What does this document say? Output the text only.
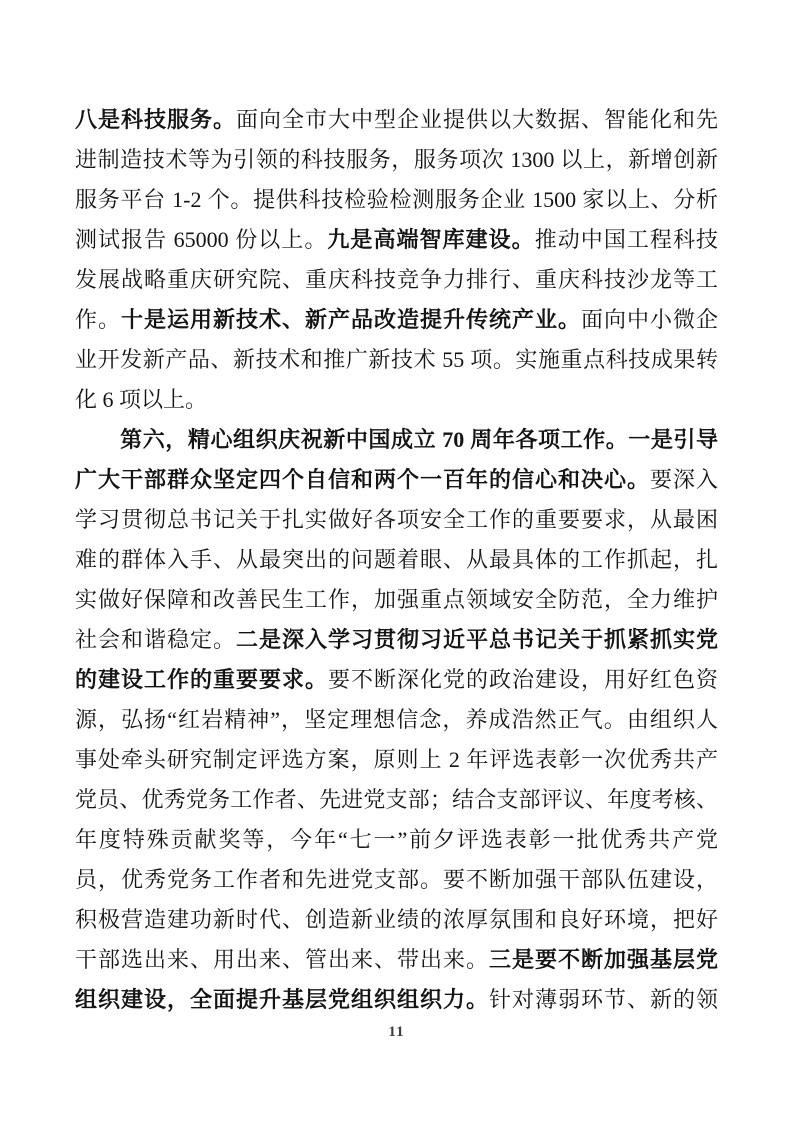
八是科技服务。面向全市大中型企业提供以大数据、智能化和先
进制造技术等为引领的科技服务，服务项次 1300 以上，新增创新
服务平台 1-2 个。提供科技检验检测服务企业 1500 家以上、分析
测试报告 65000 份以上。九是高端智库建设。推动中国工程科技
发展战略重庆研究院、重庆科技竞争力排行、重庆科技沙龙等工
作。十是运用新技术、新产品改造提升传统产业。面向中小微企
业开发新产品、新技术和推广新技术 55 项。实施重点科技成果转
化 6 项以上。
　　第六，精心组织庆祝新中国成立 70 周年各项工作。一是引导
广大干部群众坚定四个自信和两个一百年的信心和决心。要深入
学习贯彻总书记关于扎实做好各项安全工作的重要要求，从最困
难的群体入手、从最突出的问题着眼、从最具体的工作抓起，扎
实做好保障和改善民生工作，加强重点领域安全防范，全力维护
社会和谐稳定。二是深入学习贯彻习近平总书记关于抓紧抓实党
的建设工作的重要要求。要不断深化党的政治建设，用好红色资
源，弘扬“红岩精神”，坚定理想信念，养成浩然正气。由组织人
事处牵头研究制定评选方案，原则上 2 年评选表彰一次优秀共产
党员、优秀党务工作者、先进党支部；结合支部评议、年度考核、
年度特殊贡献奖等，今年“七一”前夕评选表彰一批优秀共产党
员，优秀党务工作者和先进党支部。要不断加强干部队伍建设，
积极营造建功新时代、创造新业绩的浓厚氛围和良好环境，把好
干部选出来、用出来、管出来、带出来。三是要不断加强基层党
组织建设，全面提升基层党组织组织力。针对薄弱环节、新的领
11
